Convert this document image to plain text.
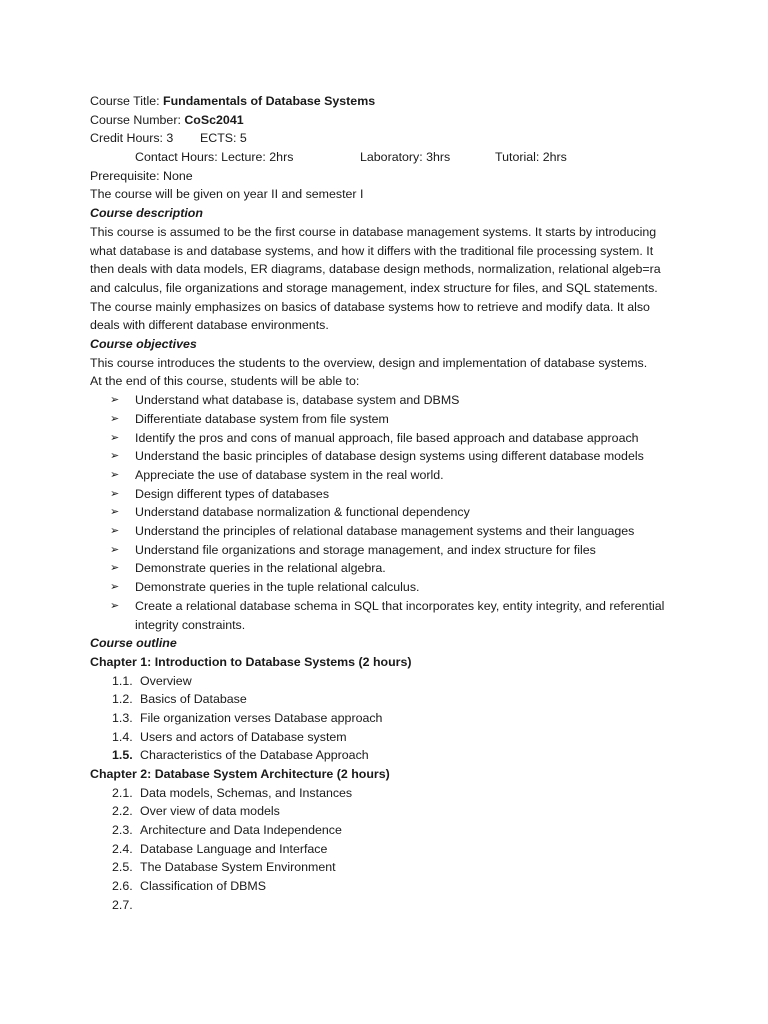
Course Title: Fundamentals of Database Systems
Course Number: CoSc2041
Credit Hours: 3 ECTS: 5
Contact Hours: Lecture: 2hrs	Laboratory: 3hrs	Tutorial: 2hrs
Prerequisite: None
The course will be given on year II and semester I
Course description
This course is assumed to be the first course in database management systems. It starts by introducing what database is and database systems, and how it differs with the traditional file processing system. It then deals with data models, ER diagrams, database design methods, normalization, relational algeb=ra and calculus, file organizations and storage management, index structure for files, and SQL statements. The course mainly emphasizes on basics of database systems how to retrieve and modify data. It also deals with different database environments.
Course objectives
This course introduces the students to the overview, design and implementation of database systems.
At the end of this course, students will be able to:
➢ Understand what database is, database system and DBMS
➢ Differentiate database system from file system
➢ Identify the pros and cons of manual approach, file based approach and database approach
➢ Understand the basic principles of database design systems using different database models
➢ Appreciate the use of database system in the real world.
➢ Design different types of databases
➢ Understand database normalization & functional dependency
➢ Understand the principles of relational database management systems and their languages
➢ Understand file organizations and storage management, and index structure for files
➢ Demonstrate queries in the relational algebra.
➢ Demonstrate queries in the tuple relational calculus.
➢ Create a relational database schema in SQL that incorporates key, entity integrity, and referential integrity constraints.
Course outline
Chapter 1: Introduction to Database Systems (2 hours)
1.1. Overview
1.2. Basics of Database
1.3. File organization verses Database approach
1.4. Users and actors of Database system
1.5. Characteristics of the Database Approach
Chapter 2: Database System Architecture (2 hours)
2.1. Data models, Schemas, and Instances
2.2. Over view of data models
2.3. Architecture and Data Independence
2.4. Database Language and Interface
2.5. The Database System Environment
2.6. Classification of DBMS
2.7.
